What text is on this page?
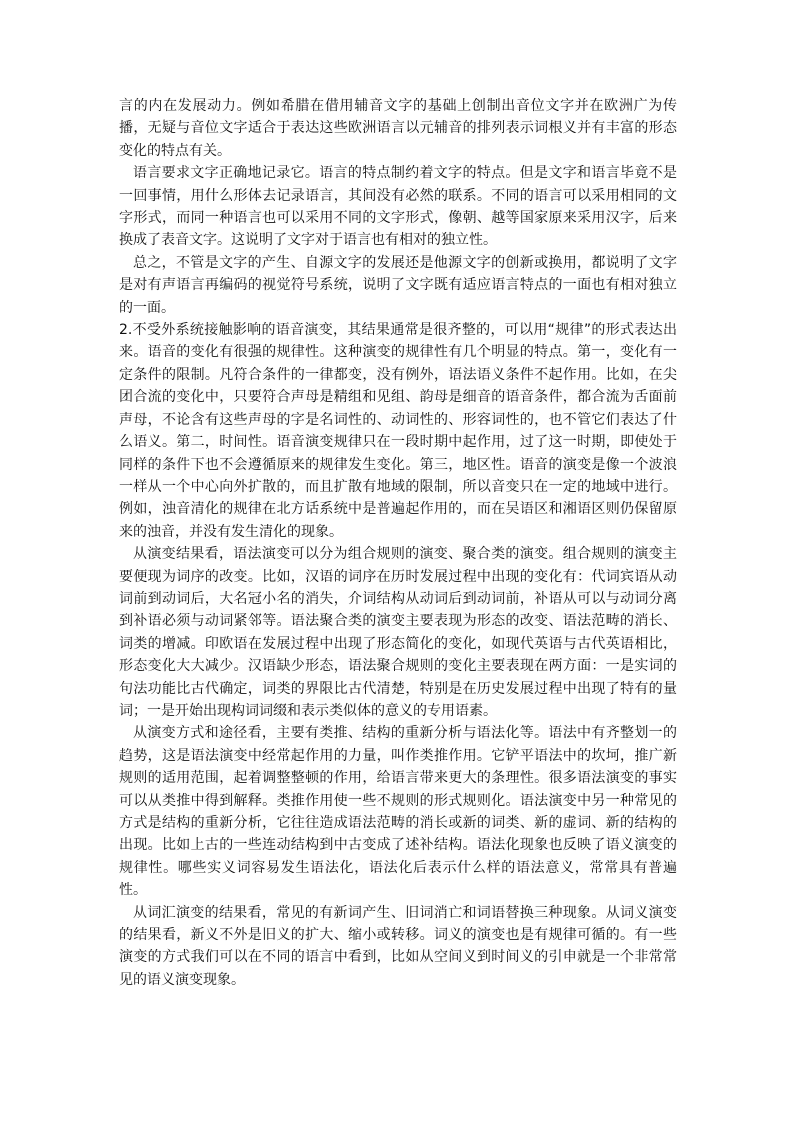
言的内在发展动力。例如希腊在借用辅音文字的基础上创制出音位文字并在欧洲广为传播，无疑与音位文字适合于表达这些欧洲语言以元辅音的排列表示词根义并有丰富的形态变化的特点有关。

语言要求文字正确地记录它。语言的特点制约着文字的特点。但是文字和语言毕竟不是一回事情，用什么形体去记录语言，其间没有必然的联系。不同的语言可以采用相同的文字形式，而同一种语言也可以采用不同的文字形式，像朝、越等国家原来采用汉字，后来换成了表音文字。这说明了文字对于语言也有相对的独立性。

总之，不管是文字的产生、自源文字的发展还是他源文字的创新或换用，都说明了文字是对有声语言再编码的视觉符号系统，说明了文字既有适应语言特点的一面也有相对独立的一面。

2.不受外系统接触影响的语音演变，其结果通常是很齐整的，可以用“规律”的形式表达出来。语音的变化有很强的规律性。这种演变的规律性有几个明显的特点。第一，变化有一定条件的限制。凡符合条件的一律都变，没有例外，语法语义条件不起作用。比如，在尖团合流的变化中，只要符合声母是精组和见组、韵母是细音的语音条件，都合流为舌面前声母，不论含有这些声母的字是名词性的、动词性的、形容词性的，也不管它们表达了什么语义。第二，时间性。语音演变规律只在一段时期中起作用，过了这一时期，即使处于同样的条件下也不会遵循原来的规律发生变化。第三，地区性。语音的演变是像一个波浪一样从一个中心向外扩散的，而且扩散有地域的限制，所以音变只在一定的地域中进行。例如，浊音清化的规律在北方话系统中是普遍起作用的，而在吴语区和湘语区则仍保留原来的浊音，并没有发生清化的现象。

从演变结果看，语法演变可以分为组合规则的演变、聚合类的演变。组合规则的演变主要便现为词序的改变。比如，汉语的词序在历时发展过程中出现的变化有：代词宾语从动词前到动词后，大名冠小名的消失，介词结构从动词后到动词前，补语从可以与动词分离到补语必须与动词紧邻等。语法聚合类的演变主要表现为形态的改变、语法范畴的消长、词类的增减。印欧语在发展过程中出现了形态简化的变化，如现代英语与古代英语相比，形态变化大大减少。汉语缺少形态，语法聚合规则的变化主要表现在两方面：一是实词的句法功能比古代确定，词类的界限比古代清楚，特别是在历史发展过程中出现了特有的量词；一是开始出现构词词缀和表示类似体的意义的专用语素。

从演变方式和途径看，主要有类推、结构的重新分析与语法化等。语法中有齐整划一的趋势，这是语法演变中经常起作用的力量，叫作类推作用。它铲平语法中的坎坷，推广新规则的适用范围，起着调整整顿的作用，给语言带来更大的条理性。很多语法演变的事实可以从类推中得到解释。类推作用使一些不规则的形式规则化。语法演变中另一种常见的方式是结构的重新分析，它往往造成语法范畴的消长或新的词类、新的虚词、新的结构的出现。比如上古的一些连动结构到中古变成了述补结构。语法化现象也反映了语义演变的规律性。哪些实义词容易发生语法化，语法化后表示什么样的语法意义，常常具有普遍性。

从词汇演变的结果看，常见的有新词产生、旧词消亡和词语替换三种现象。从词义演变的结果看，新义不外是旧义的扩大、缩小或转移。词义的演变也是有规律可循的。有一些演变的方式我们可以在不同的语言中看到，比如从空间义到时间义的引申就是一个非常常见的语义演变现象。
